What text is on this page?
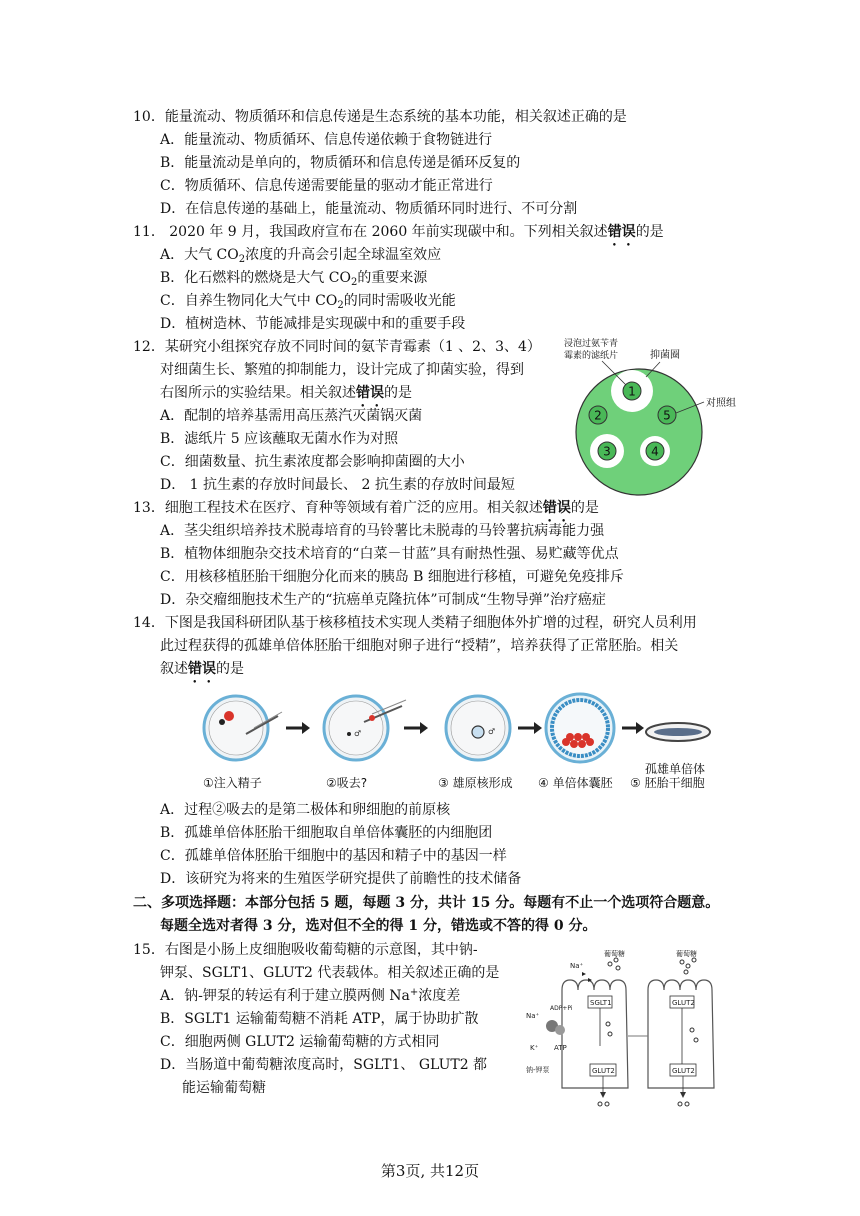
10．能量流动、物质循环和信息传递是生态系统的基本功能，相关叙述正确的是
A．能量流动、物质循环、信息传递依赖于食物链进行
B．能量流动是单向的，物质循环和信息传递是循环反复的
C．物质循环、信息传递需要能量的驱动才能正常进行
D．在信息传递的基础上，能量流动、物质循环同时进行、不可分割
11． 2020 年 9 月，我国政府宣布在 2060 年前实现碳中和。下列相关叙述错误的是
A．大气 $CO_2$浓度的升高会引起全球温室效应
B．化石燃料的燃烧是大气 $CO_2$的重要来源
C．自养生物同化大气中 $CO_2$的同时需吸收光能
D．植树造林、节能减排是实现碳中和的重要手段
12．某研究小组探究存放不同时间的氨苄青霉素（1 、2、3、4）
对细菌生长、繁殖的抑制能力，设计完成了抑菌实验，得到
右图所示的实验结果。相关叙述错误的是
A．配制的培养基需用高压蒸汽灭菌锅灭菌
B．滤纸片 5 应该蘸取无菌水作为对照
C．细菌数量、抗生素浓度都会影响抑菌圈的大小
D． 1 抗生素的存放时间最长、 2 抗生素的存放时间最短
1
2	5
3	4
浸泡过氨苄青
霉素的滤纸片	抑菌圈
对照组
13．细胞工程技术在医疗、育种等领域有着广泛的应用。相关叙述错误的是
A．茎尖组织培养技术脱毒培育的马铃薯比未脱毒的马铃薯抗病毒能力强
B．植物体细胞杂交技术培育的“白菜－甘蓝”具有耐热性强、易贮藏等优点
C．用核移植胚胎干细胞分化而来的胰岛 B 细胞进行移植，可避免免疫排斥
D．杂交瘤细胞技术生产的“抗癌单克隆抗体”可制成“生物导弹”治疗癌症
14．下图是我国科研团队基于核移植技术实现人类精子细胞体外扩增的过程，研究人员利用
此过程获得的孤雄单倍体胚胎干细胞对卵子进行“授精”，培养获得了正常胚胎。相关
叙述错误的是
♂	♂
①注入精子	②吸去?	③ 雄原核形成 ④ 单倍体囊胚
孤雄单倍体
⑤ 胚胎干细胞
A．过程②吸去的是第二极体和卵细胞的前原核
B．孤雄单倍体胚胎干细胞取自单倍体囊胚的内细胞团
C．孤雄单倍体胚胎干细胞中的基因和精子中的基因一样
D．该研究为将来的生殖医学研究提供了前瞻性的技术储备
二、多项选择题：本部分包括 5 题，每题 3 分，共计 15 分。每题有不止一个选项符合题意。
每题全选对者得 3 分，选对但不全的得 1 分，错选或不答的得 0 分。
15．右图是小肠上皮细胞吸收葡萄糖的示意图，其中钠-
钾泵、SGLT1、GLUT2 代表载体。相关叙述正确的是
A．钠-钾泵的转运有利于建立膜两侧 Na+浓度差
B．SGLT1 运输葡萄糖不消耗 ATP，属于协助扩散
C．细胞两侧 GLUT2 运输葡萄糖的方式相同
D．当肠道中葡萄糖浓度高时，SGLT1、 GLUT2 都
能运输葡萄糖
葡萄糖	葡萄糖
Na⁺
SGLT1	GLUT2
ADP+Pi
Na⁺
ATP
K⁺
钠-钾泵	GLUT2	GLUT2
第3页, 共12页
